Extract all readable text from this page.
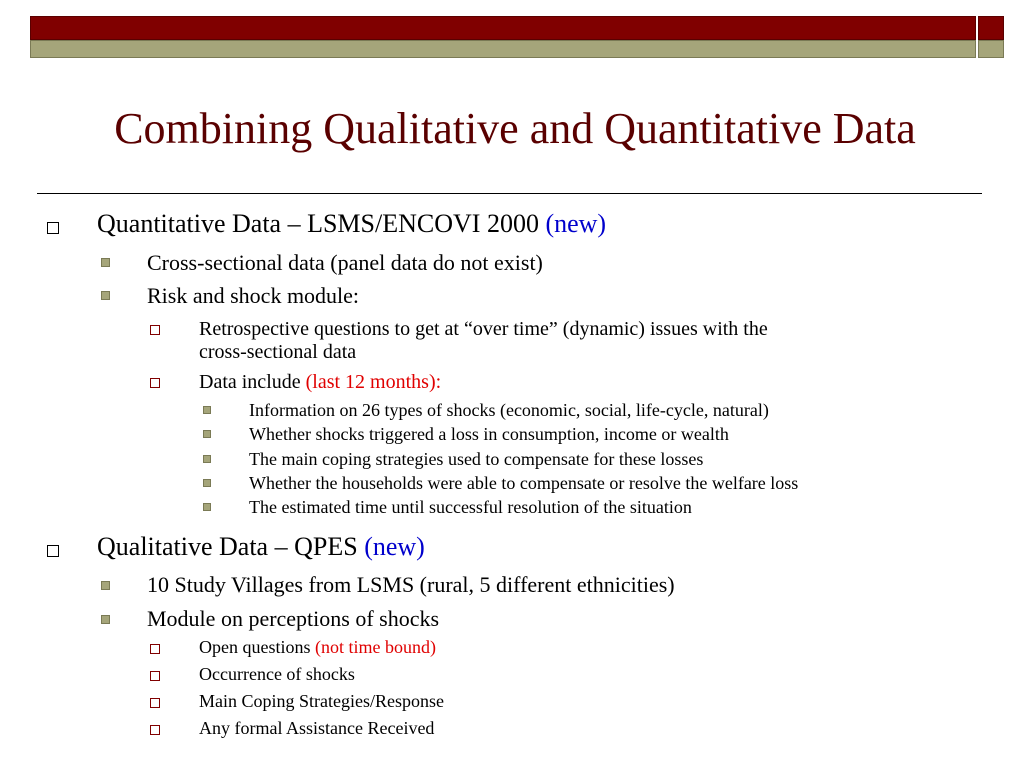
Combining Qualitative and Quantitative Data
Quantitative Data – LSMS/ENCOVI 2000 (new)
Cross-sectional data (panel data do not exist)
Risk and shock module:
Retrospective questions to get at “over time” (dynamic) issues with the
cross-sectional data
Data include (last 12 months):
Information on 26 types of shocks (economic, social, life-cycle, natural)
Whether shocks triggered a loss in consumption, income or wealth
The main coping strategies used to compensate for these losses
Whether the households were able to compensate or resolve the welfare loss
The estimated time until successful resolution of the situation
Qualitative Data – QPES (new)
10 Study Villages from LSMS (rural, 5 different ethnicities)
Module on perceptions of shocks
Open questions (not time bound)
Occurrence of shocks
Main Coping Strategies/Response
Any formal Assistance Received
